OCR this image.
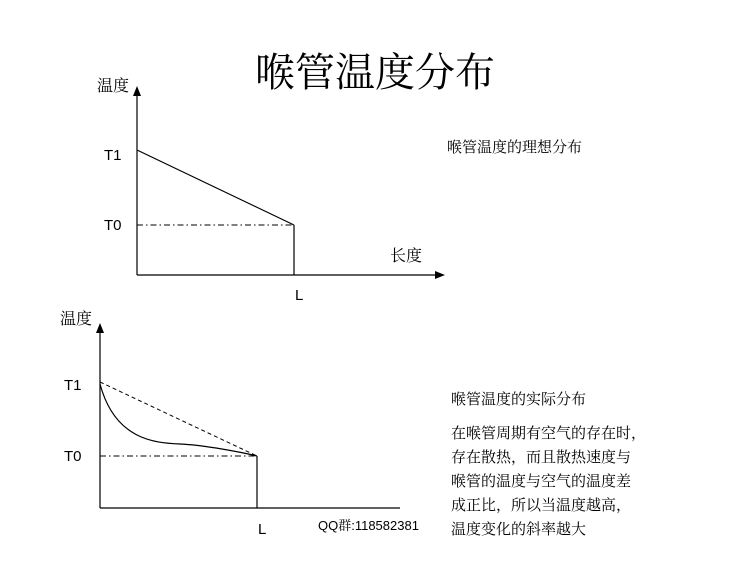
喉管温度分布
温度
长度
T1
T0
L
喉管温度的理想分布
温度
T1
T0
L
喉管温度的实际分布
在喉管周期有空气的存在时，
存在散热，而且散热速度与
喉管的温度与空气的温度差
成正比，所以当温度越高，
温度变化的斜率越大
QQ群:118582381
